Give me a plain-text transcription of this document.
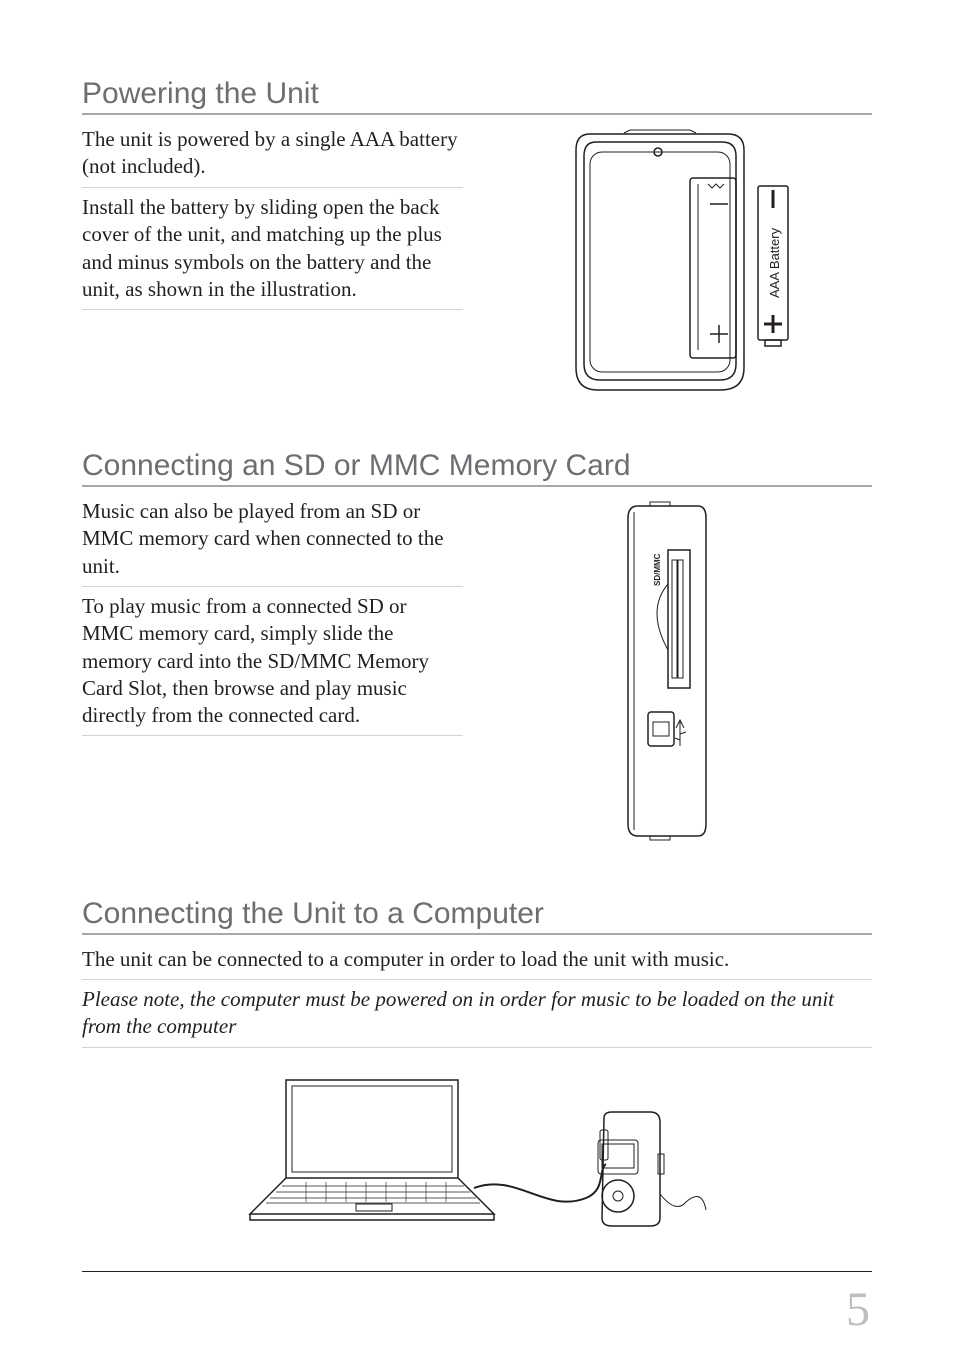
Powering the Unit
The unit is powered by a single AAA battery (not included).
Install the battery by sliding open the back cover of the unit, and matching up the plus and minus symbols on the battery and the unit, as shown in the illustration.	AAA Battery
Connecting an SD or MMC Memory Card
Music can also be played from an SD or MMC memory card when connected to the unit.
To play music from a connected SD or MMC memory card, simply slide the memory card into the SD/MMC Memory Card Slot, then browse and play music directly from the connected card.
SD/MMC
Connecting the Unit to a Computer
The unit can be connected to a computer in order to load the unit with music.
Please note, the computer must be powered on in order for music to be loaded on the unit from the computer
5
